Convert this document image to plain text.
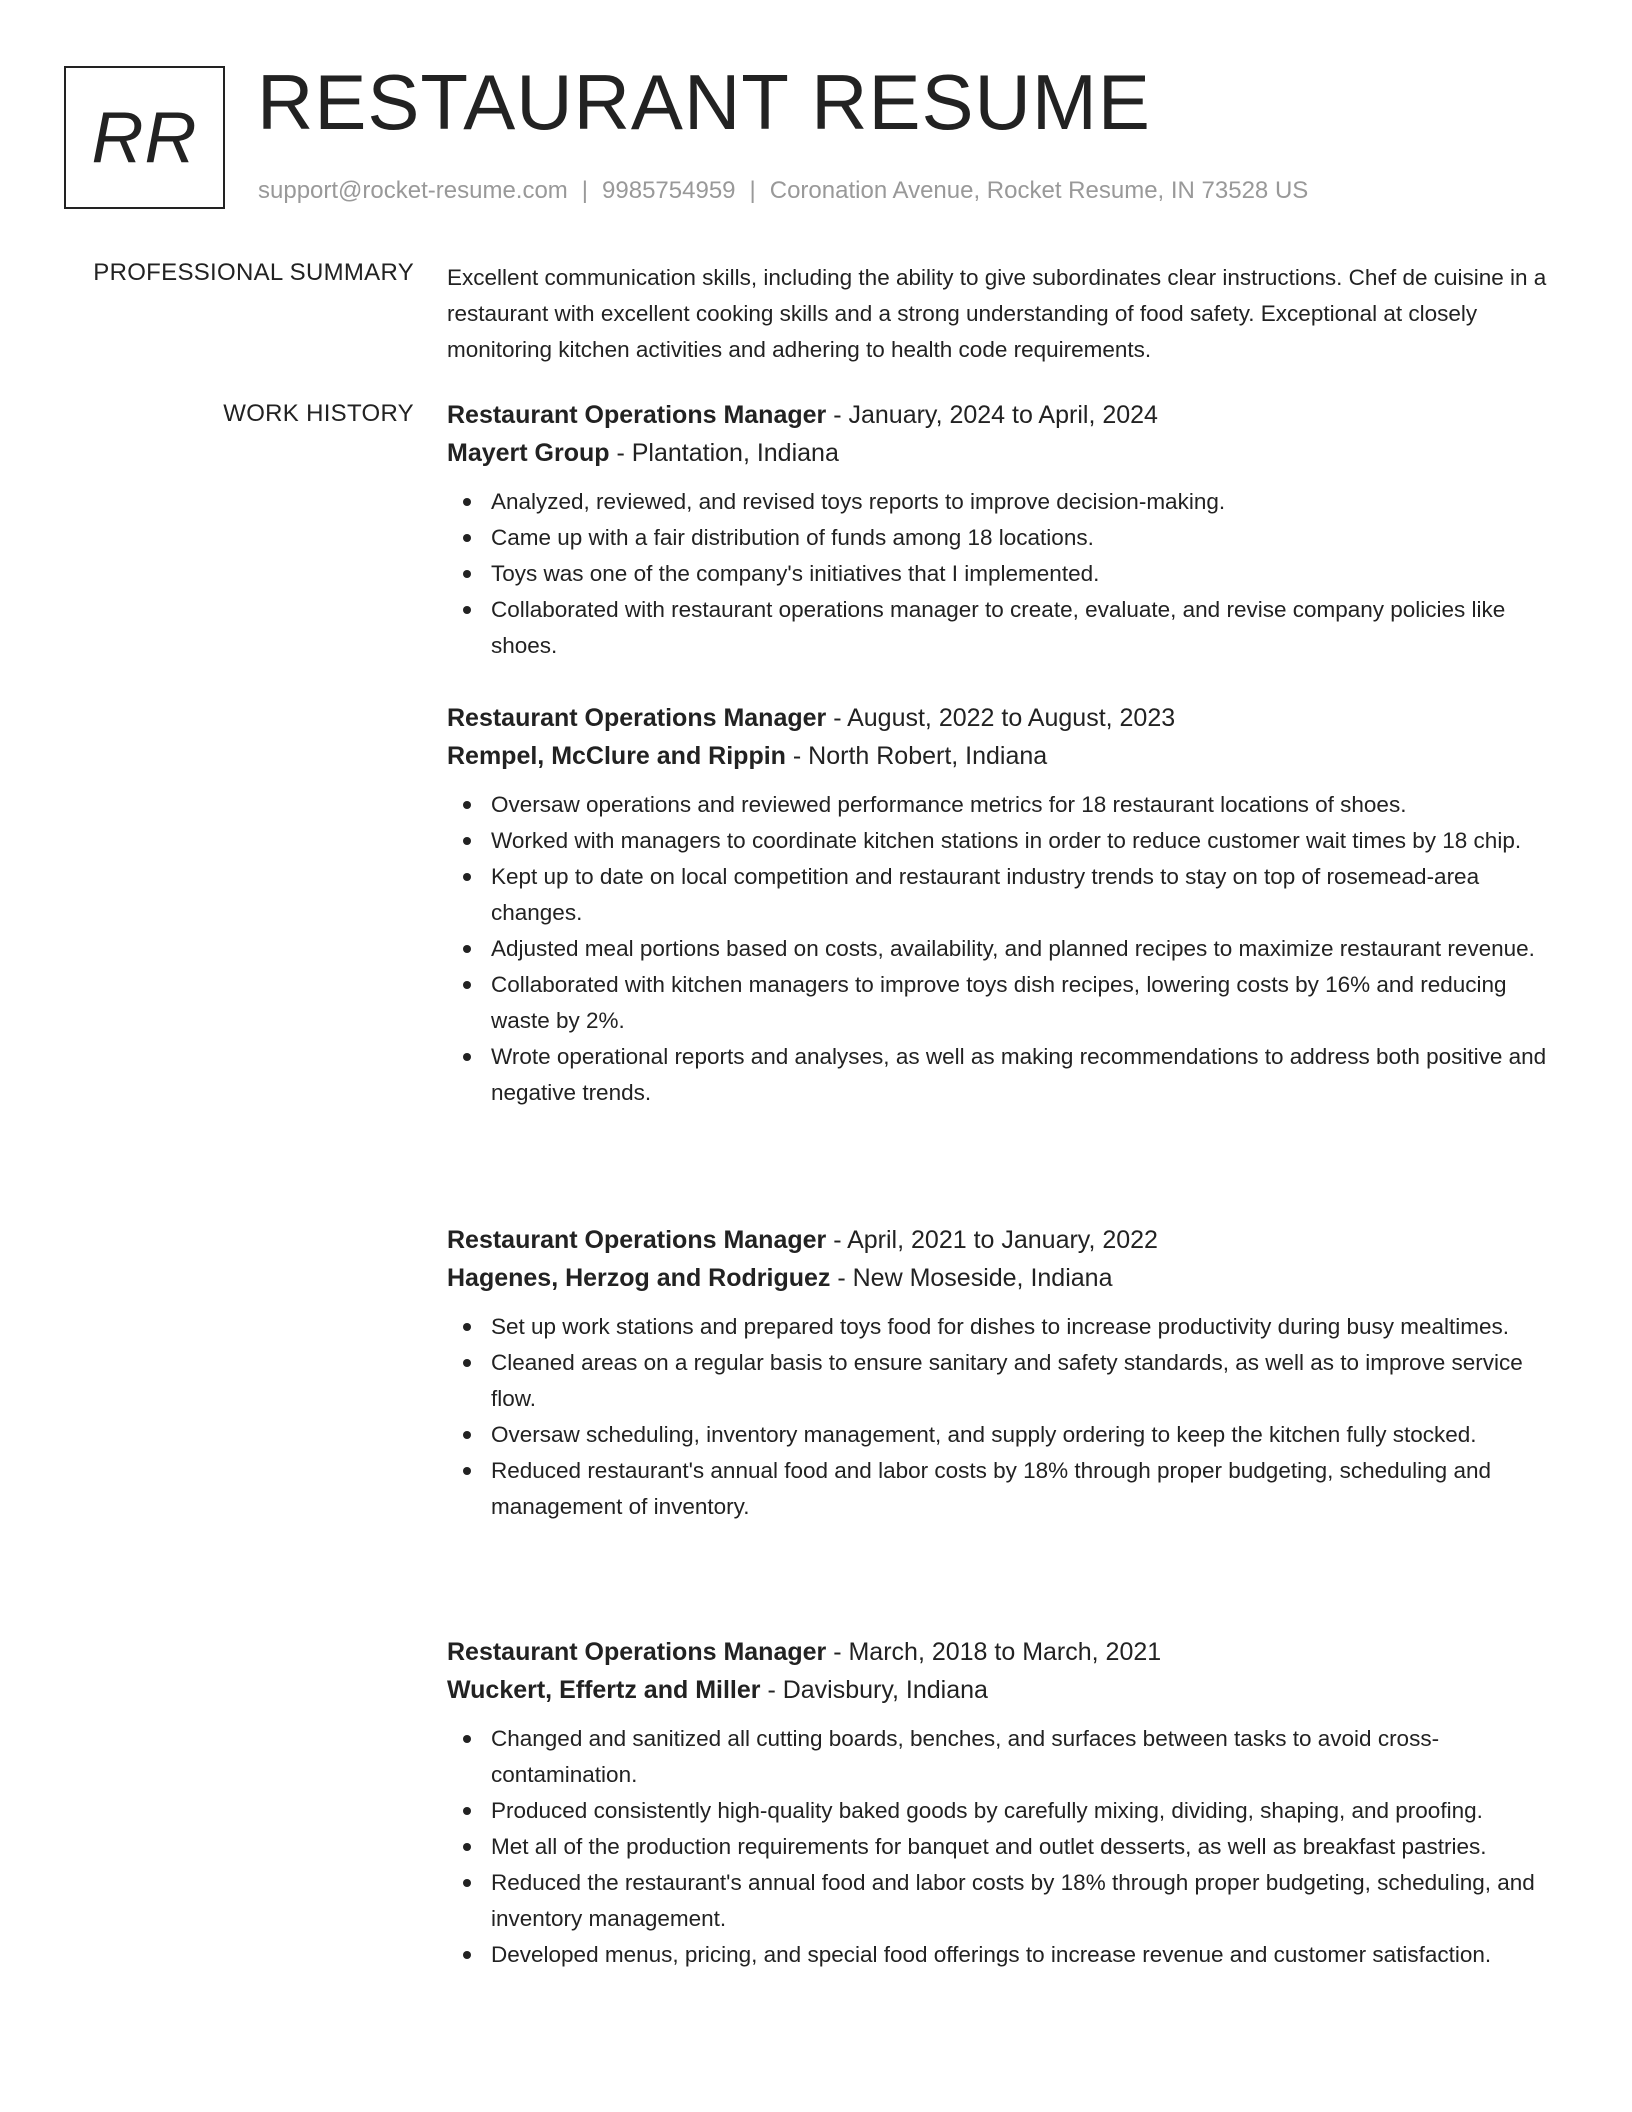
RR RESTAURANT RESUME
support@rocket-resume.com | 9985754959 | Coronation Avenue, Rocket Resume, IN 73528 US
PROFESSIONAL SUMMARY Excellent communication skills, including the ability to give subordinates clear instructions. Chef de cuisine in a restaurant with excellent cooking skills and a strong understanding of food safety. Exceptional at closely monitoring kitchen activities and adhering to health code requirements.

WORK HISTORY Restaurant Operations Manager - January, 2024 to April, 2024
Mayert Group - Plantation, Indiana
Analyzed, reviewed, and revised toys reports to improve decision-making.
Came up with a fair distribution of funds among 18 locations.
Toys was one of the company's initiatives that I implemented.
Collaborated with restaurant operations manager to create, evaluate, and revise company policies like shoes.
Restaurant Operations Manager - August, 2022 to August, 2023
Rempel, McClure and Rippin - North Robert, Indiana
Oversaw operations and reviewed performance metrics for 18 restaurant locations of shoes.
Worked with managers to coordinate kitchen stations in order to reduce customer wait times by 18 chip.
Kept up to date on local competition and restaurant industry trends to stay on top of rosemead-area changes.
Adjusted meal portions based on costs, availability, and planned recipes to maximize restaurant revenue.
Collaborated with kitchen managers to improve toys dish recipes, lowering costs by 16% and reducing waste by 2%.
Wrote operational reports and analyses, as well as making recommendations to address both positive and negative trends.
Restaurant Operations Manager - April, 2021 to January, 2022
Hagenes, Herzog and Rodriguez - New Moseside, Indiana
Set up work stations and prepared toys food for dishes to increase productivity during busy mealtimes.
Cleaned areas on a regular basis to ensure sanitary and safety standards, as well as to improve service flow.
Oversaw scheduling, inventory management, and supply ordering to keep the kitchen fully stocked.
Reduced restaurant's annual food and labor costs by 18% through proper budgeting, scheduling and management of inventory.
Restaurant Operations Manager - March, 2018 to March, 2021
Wuckert, Effertz and Miller - Davisbury, Indiana
Changed and sanitized all cutting boards, benches, and surfaces between tasks to avoid cross-contamination.
Produced consistently high-quality baked goods by carefully mixing, dividing, shaping, and proofing.
Met all of the production requirements for banquet and outlet desserts, as well as breakfast pastries.
Reduced the restaurant's annual food and labor costs by 18% through proper budgeting, scheduling, and inventory management.
Developed menus, pricing, and special food offerings to increase revenue and customer satisfaction.
